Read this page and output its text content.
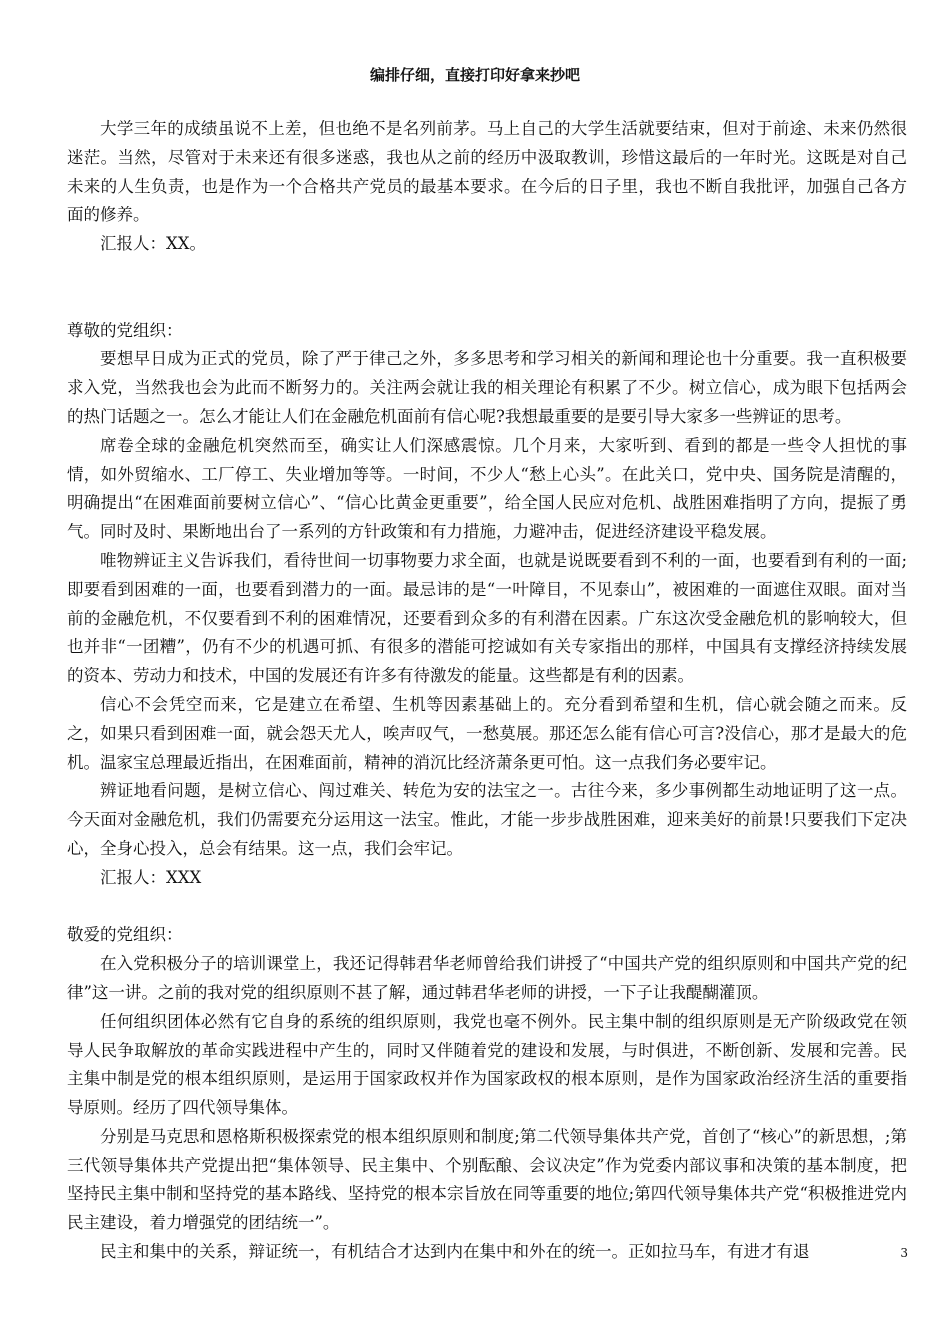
编排仔细，直接打印好拿来抄吧

大学三年的成绩虽说不上差，但也绝不是名列前茅。马上自己的大学生活就要结束，但对于前途、未来仍然很迷茫。当然，尽管对于未来还有很多迷惑，我也从之前的经历中汲取教训，珍惜这最后的一年时光。这既是对自己未来的人生负责，也是作为一个合格共产党员的最基本要求。在今后的日子里，我也不断自我批评，加强自己各方面的修养。

汇报人：XX。

尊敬的党组织：

要想早日成为正式的党员，除了严于律己之外，多多思考和学习相关的新闻和理论也十分重要。我一直积极要求入党，当然我也会为此而不断努力的。关注两会就让我的相关理论有积累了不少。树立信心，成为眼下包括两会的热门话题之一。怎么才能让人们在金融危机面前有信心呢?我想最重要的是要引导大家多一些辨证的思考。

席卷全球的金融危机突然而至，确实让人们深感震惊。几个月来，大家听到、看到的都是一些令人担忧的事情，如外贸缩水、工厂停工、失业增加等等。一时间，不少人“愁上心头”。在此关口，党中央、国务院是清醒的，明确提出“在困难面前要树立信心”、“信心比黄金更重要”，给全国人民应对危机、战胜困难指明了方向，提振了勇气。同时及时、果断地出台了一系列的方针政策和有力措施，力避冲击，促进经济建设平稳发展。

唯物辨证主义告诉我们，看待世间一切事物要力求全面，也就是说既要看到不利的一面，也要看到有利的一面;即要看到困难的一面，也要看到潜力的一面。最忌讳的是“一叶障目，不见泰山”，被困难的一面遮住双眼。面对当前的金融危机，不仅要看到不利的困难情况，还要看到众多的有利潜在因素。广东这次受金融危机的影响较大，但也并非“一团糟”，仍有不少的机遇可抓、有很多的潜能可挖诚如有关专家指出的那样，中国具有支撑经济持续发展的资本、劳动力和技术，中国的发展还有许多有待激发的能量。这些都是有利的因素。

信心不会凭空而来，它是建立在希望、生机等因素基础上的。充分看到希望和生机，信心就会随之而来。反之，如果只看到困难一面，就会怨天尤人，唉声叹气，一愁莫展。那还怎么能有信心可言?没信心，那才是最大的危机。温家宝总理最近指出，在困难面前，精神的消沉比经济萧条更可怕。这一点我们务必要牢记。

辨证地看问题，是树立信心、闯过难关、转危为安的法宝之一。古往今来，多少事例都生动地证明了这一点。今天面对金融危机，我们仍需要充分运用这一法宝。惟此，才能一步步战胜困难，迎来美好的前景!只要我们下定决心，全身心投入，总会有结果。这一点，我们会牢记。

汇报人：XXX

敬爱的党组织：

在入党积极分子的培训课堂上，我还记得韩君华老师曾给我们讲授了“中国共产党的组织原则和中国共产党的纪律”这一讲。之前的我对党的组织原则不甚了解，通过韩君华老师的讲授，一下子让我醍醐灌顶。

任何组织团体必然有它自身的系统的组织原则，我党也毫不例外。民主集中制的组织原则是无产阶级政党在领导人民争取解放的革命实践进程中产生的，同时又伴随着党的建设和发展，与时俱进，不断创新、发展和完善。民主集中制是党的根本组织原则，是运用于国家政权并作为国家政权的根本原则，是作为国家政治经济生活的重要指导原则。经历了四代领导集体。

分别是马克思和恩格斯积极探索党的根本组织原则和制度;第二代领导集体共产党，首创了“核心”的新思想，;第三代领导集体共产党提出把“集体领导、民主集中、个别酝酿、会议决定”作为党委内部议事和决策的基本制度，把坚持民主集中制和坚持党的基本路线、坚持党的根本宗旨放在同等重要的地位;第四代领导集体共产党“积极推进党内民主建设，着力增强党的团结统一”。

民主和集中的关系，辩证统一，有机结合才达到内在集中和外在的统一。正如拉马车，有进才有退	3
